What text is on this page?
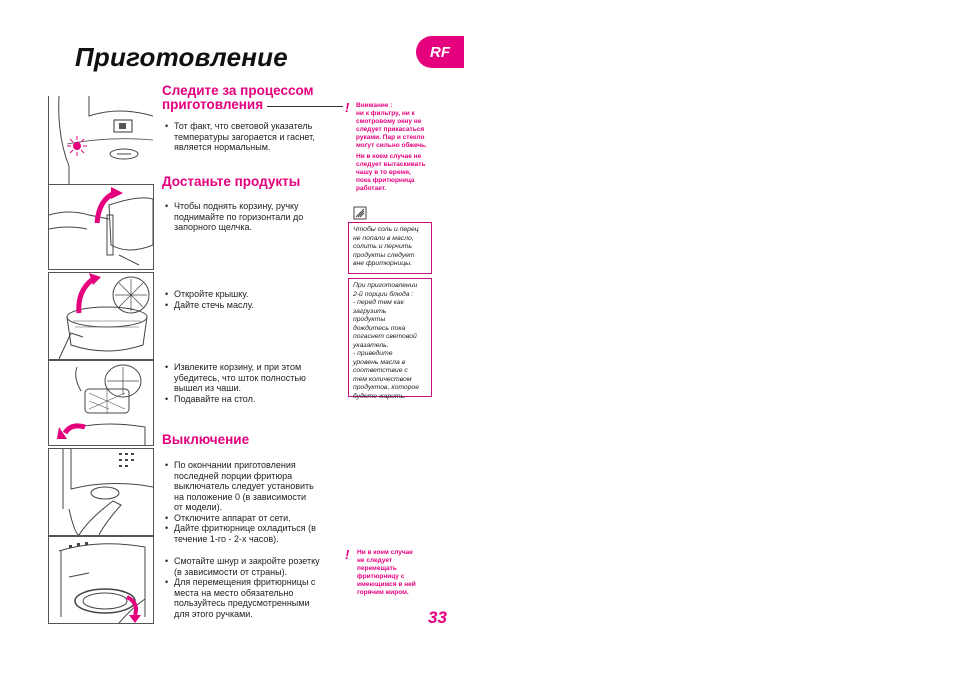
Приготовление	RF
Следите за процессом
приготовления
• Тот факт, что световой указатель температуры загорается и гаснет, является нормальным.
! Внимание :
ни к фильтру, ни к
смотровому окну не
следует прикасаться
руками. Пар и стекло
могут сильно обжечь.

Ни в коем случае не
следует вытаскивать
чашу в то время,
пока фритюрница
работает.

Достаньте продукты
• Чтобы поднять корзину, ручку поднимайте по горизонтали до запорного щелчка.	Чтобы соль и перец
не попали в масло,
солить и перчить
продукты следует
вне фритюрницы.

• Откройте крышку.
• Дайте стечь маслу.

При приготовлении
2-й порции блюда :
- перед тем как
загрузить
продукты
дождитесь пока
погаснет световой
указатель.
- приведите
уровень масла в
соответствие с
тем количеством
продуктов, которое
будете жарить.

• Извлеките корзину, и при этом убедитесь, что шток полностью вышел из чаши.
• Подавайте на стол.
Выключение
• По окончании приготовления последней порции фритюра выключатель следует установить на положение 0 (в зависимости от модели).
• Отключите аппарат от сети.
• Дайте фритюрнице охладиться (в течение 1-го - 2-х часов).
• Смотайте шнур и закройте розетку (в зависимости от страны).
• Для перемещения фритюрницы с места на место обязательно пользуйтесь предусмотренными для этого ручками.
! Ни в коем случае
не следует
перемещать
фритюрницу с
имеющимся в ней
горячим жиром.

33
